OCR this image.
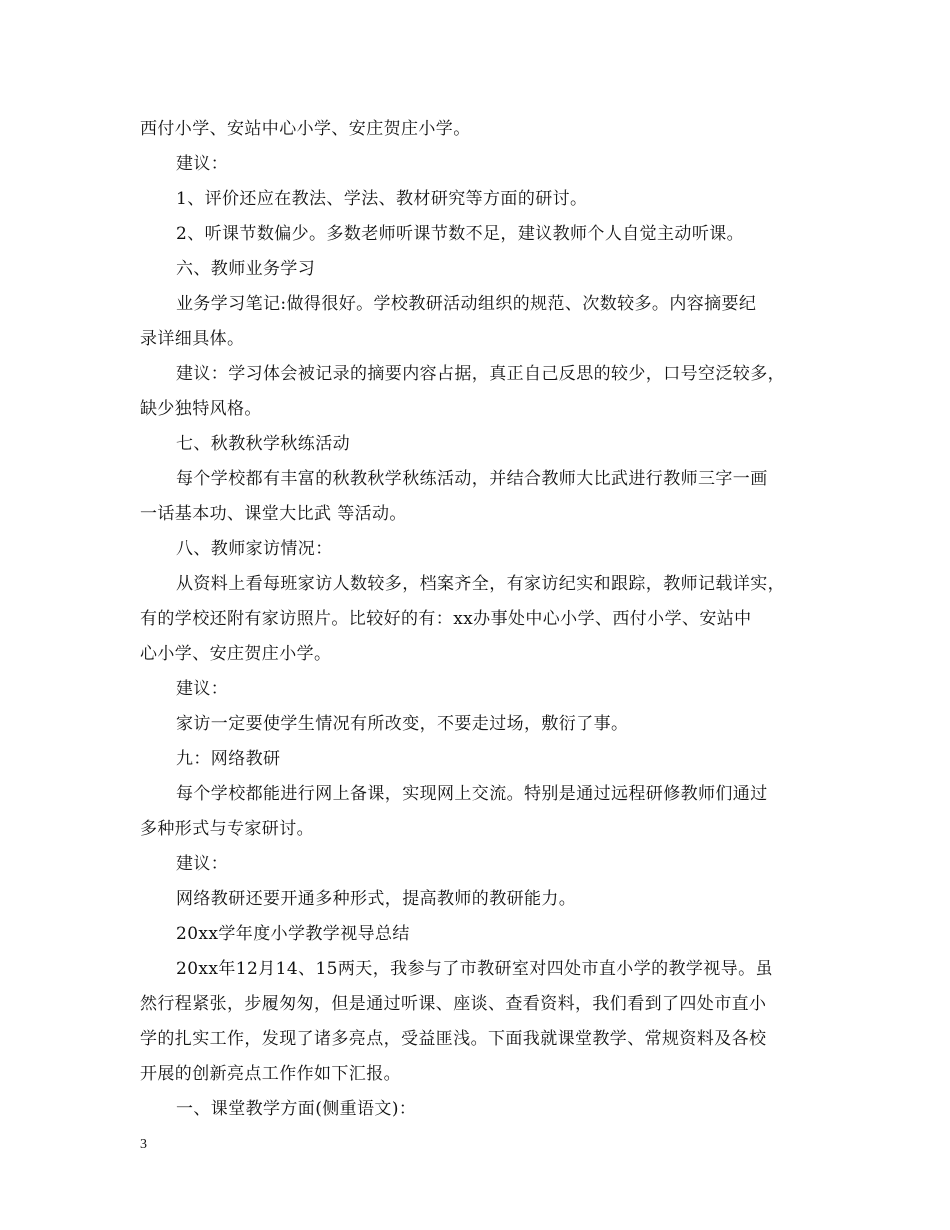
西付小学、安站中心小学、安庄贺庄小学。
建议：
1、评价还应在教法、学法、教材研究等方面的研讨。
2、听课节数偏少。多数老师听课节数不足，建议教师个人自觉主动听课。
六、教师业务学习
业务学习笔记:做得很好。学校教研活动组织的规范、次数较多。内容摘要纪
录详细具体。
建议：学习体会被记录的摘要内容占据，真正自己反思的较少，口号空泛较多，
缺少独特风格。
七、秋教秋学秋练活动
每个学校都有丰富的秋教秋学秋练活动，并结合教师大比武进行教师三字一画
一话基本功、课堂大比武 等活动。
八、教师家访情况：
从资料上看每班家访人数较多，档案齐全，有家访纪实和跟踪，教师记载详实，
有的学校还附有家访照片。比较好的有：xx办事处中心小学、西付小学、安站中
心小学、安庄贺庄小学。
建议：
家访一定要使学生情况有所改变，不要走过场，敷衍了事。
九：网络教研
每个学校都能进行网上备课，实现网上交流。特别是通过远程研修教师们通过
多种形式与专家研讨。
建议：
网络教研还要开通多种形式，提高教师的教研能力。
20xx学年度小学教学视导总结
20xx年12月14、15两天，我参与了市教研室对四处市直小学的教学视导。虽
然行程紧张，步履匆匆，但是通过听课、座谈、查看资料，我们看到了四处市直小
学的扎实工作，发现了诸多亮点，受益匪浅。下面我就课堂教学、常规资料及各校
开展的创新亮点工作作如下汇报。
一、课堂教学方面(侧重语文)：
3
